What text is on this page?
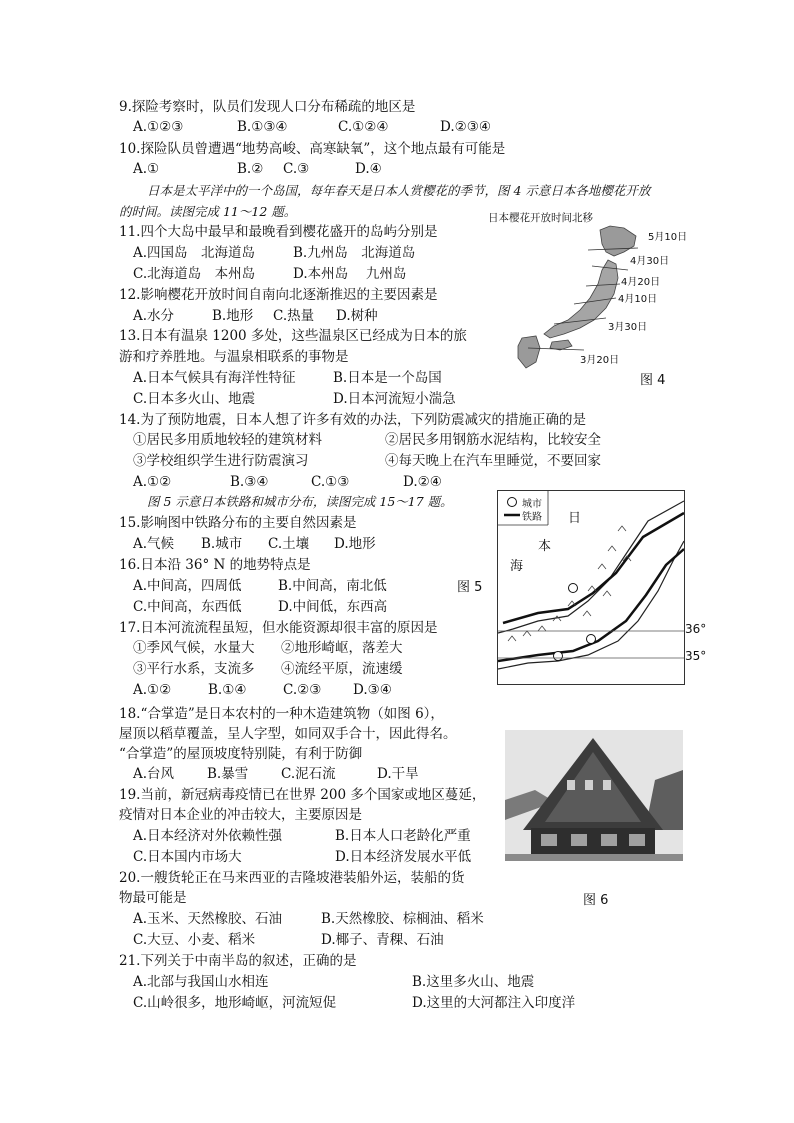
9.探险考察时，队员们发现人口分布稀疏的地区是
A.①②③	B.①③④	C.①②④	D.②③④
10.探险队员曾遭遇“地势高峻、高寒缺氧”，这个地点最有可能是
A.①	B.② C.③	D.④
日本是太平洋中的一个岛国，每年春天是日本人赏樱花的季节，图 4 示意日本各地樱花开放
的时间。读图完成 11～12 题。
11.四个大岛中最早和最晚看到樱花盛开的岛屿分别是
A.四国岛　北海道岛	B.九州岛　北海道岛
C.北海道岛　本州岛	D.本州岛　 九州岛
12.影响樱花开放时间自南向北逐渐推迟的主要因素是
A.水分	B.地形 C.热量 D.树种
13.日本有温泉 1200 多处，这些温泉区已经成为日本的旅
游和疗养胜地。与温泉相联系的事物是
A.日本气候具有海洋性特征	B.日本是一个岛国
C.日本多火山、地震	D.日本河流短小湍急
14.为了预防地震，日本人想了许多有效的办法，下列防震减灾的措施正确的是
①居民多用质地较轻的建筑材料	②居民多用钢筋水泥结构，比较安全
③学校组织学生进行防震演习	④每天晚上在汽车里睡觉，不要回家
A.①②	B.③④	C.①③	D.②④
图 5 示意日本铁路和城市分布，读图完成 15～17 题。
15.影响图中铁路分布的主要自然因素是
A.气候 B.城市 C.土壤 D.地形
16.日本沿 36° N 的地势特点是
A.中间高，四周低	B.中间高，南北低
C.中间高，东西低	D.中间低，东西高
17.日本河流流程虽短，但水能资源却很丰富的原因是
①季风气候，水量大 ②地形崎岖，落差大
③平行水系，支流多 ④流经平原，流速缓
A.①②	B.①④	C.②③ D.③④
18.“合掌造”是日本农村的一种木造建筑物（如图 6），
屋顶以稻草覆盖，呈人字型，如同双手合十，因此得名。
“合掌造”的屋顶坡度特别陡，有利于防御
A.台风 B.暴雪 C.泥石流	D.干旱
19.当前，新冠病毒疫情已在世界 200 多个国家或地区蔓延，
疫情对日本企业的冲击较大，主要原因是
A.日本经济对外依赖性强	B.日本人口老龄化严重
C.日本国内市场大	D.日本经济发展水平低
20.一艘货轮正在马来西亚的吉隆坡港装船外运，装船的货
物最可能是
A.玉米、天然橡胶、石油	B.天然橡胶、棕榈油、稻米
C.大豆、小麦、稻米	D.椰子、青稞、石油
21.下列关于中南半岛的叙述，正确的是
A.北部与我国山水相连	B.这里多火山、地震
C.山岭很多，地形崎岖，河流短促	D.这里的大河都注入印度洋
日本樱花开放时间北移
5月10日
4月30日
4月20日
4月10日
3月30日
3月20日
图 4
城市
铁路 日
本
海
36°
35°
图 5
图 6
